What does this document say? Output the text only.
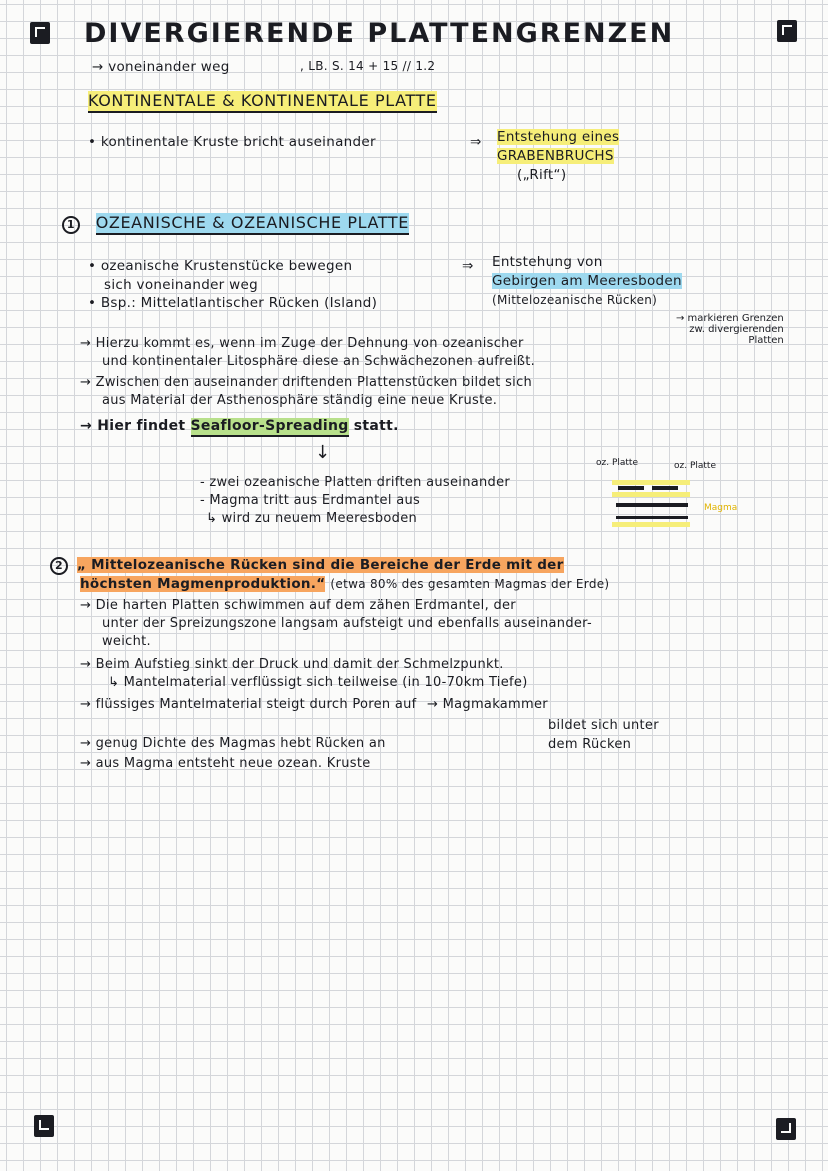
DIVERGIERENDE PLATTENGRENZEN
→ voneinander weg	, LB. S. 14 + 15 // 1.2
KONTINENTALE & KONTINENTALE PLATTE
• kontinentale Kruste bricht auseinander	⇒ Entstehung eines
GRABENBRUCHS
(„Rift“)
1 OZEANISCHE & OZEANISCHE PLATTE
• ozeanische Krustenstücke bewegen
sich voneinander weg
• Bsp.: Mittelatlantischer Rücken (Island)
⇒ Entstehung von
Gebirgen am Meeresboden
(Mittelozeanische Rücken)
→ markieren Grenzen
zw. divergierenden
Platten
→ Hierzu kommt es, wenn im Zuge der Dehnung von ozeanischer
und kontinentaler Litosphäre diese an Schwächezonen aufreißt.
→ Zwischen den auseinander driftenden Plattenstücken bildet sich
aus Material der Asthenosphäre ständig eine neue Kruste.
→ Hier findet Seafloor-Spreading statt.
↓
- zwei ozeanische Platten driften auseinander
- Magma tritt aus Erdmantel aus
↳ wird zu neuem Meeresboden
oz. Platte	oz. Platte
Magma
2 „ Mittelozeanische Rücken sind die Bereiche der Erde mit der
höchsten Magmenproduktion.“ (etwa 80% des gesamten Magmas der Erde)
→ Die harten Platten schwimmen auf dem zähen Erdmantel, der
unter der Spreizungszone langsam aufsteigt und ebenfalls auseinander-
weicht.
→ Beim Aufstieg sinkt der Druck und damit der Schmelzpunkt.
↳ Mantelmaterial verflüssigt sich teilweise (in 10-70km Tiefe)
→ flüssiges Mantelmaterial steigt durch Poren auf → Magmakammer
bildet sich unter
dem Rücken
→ genug Dichte des Magmas hebt Rücken an
→ aus Magma entsteht neue ozean. Kruste
